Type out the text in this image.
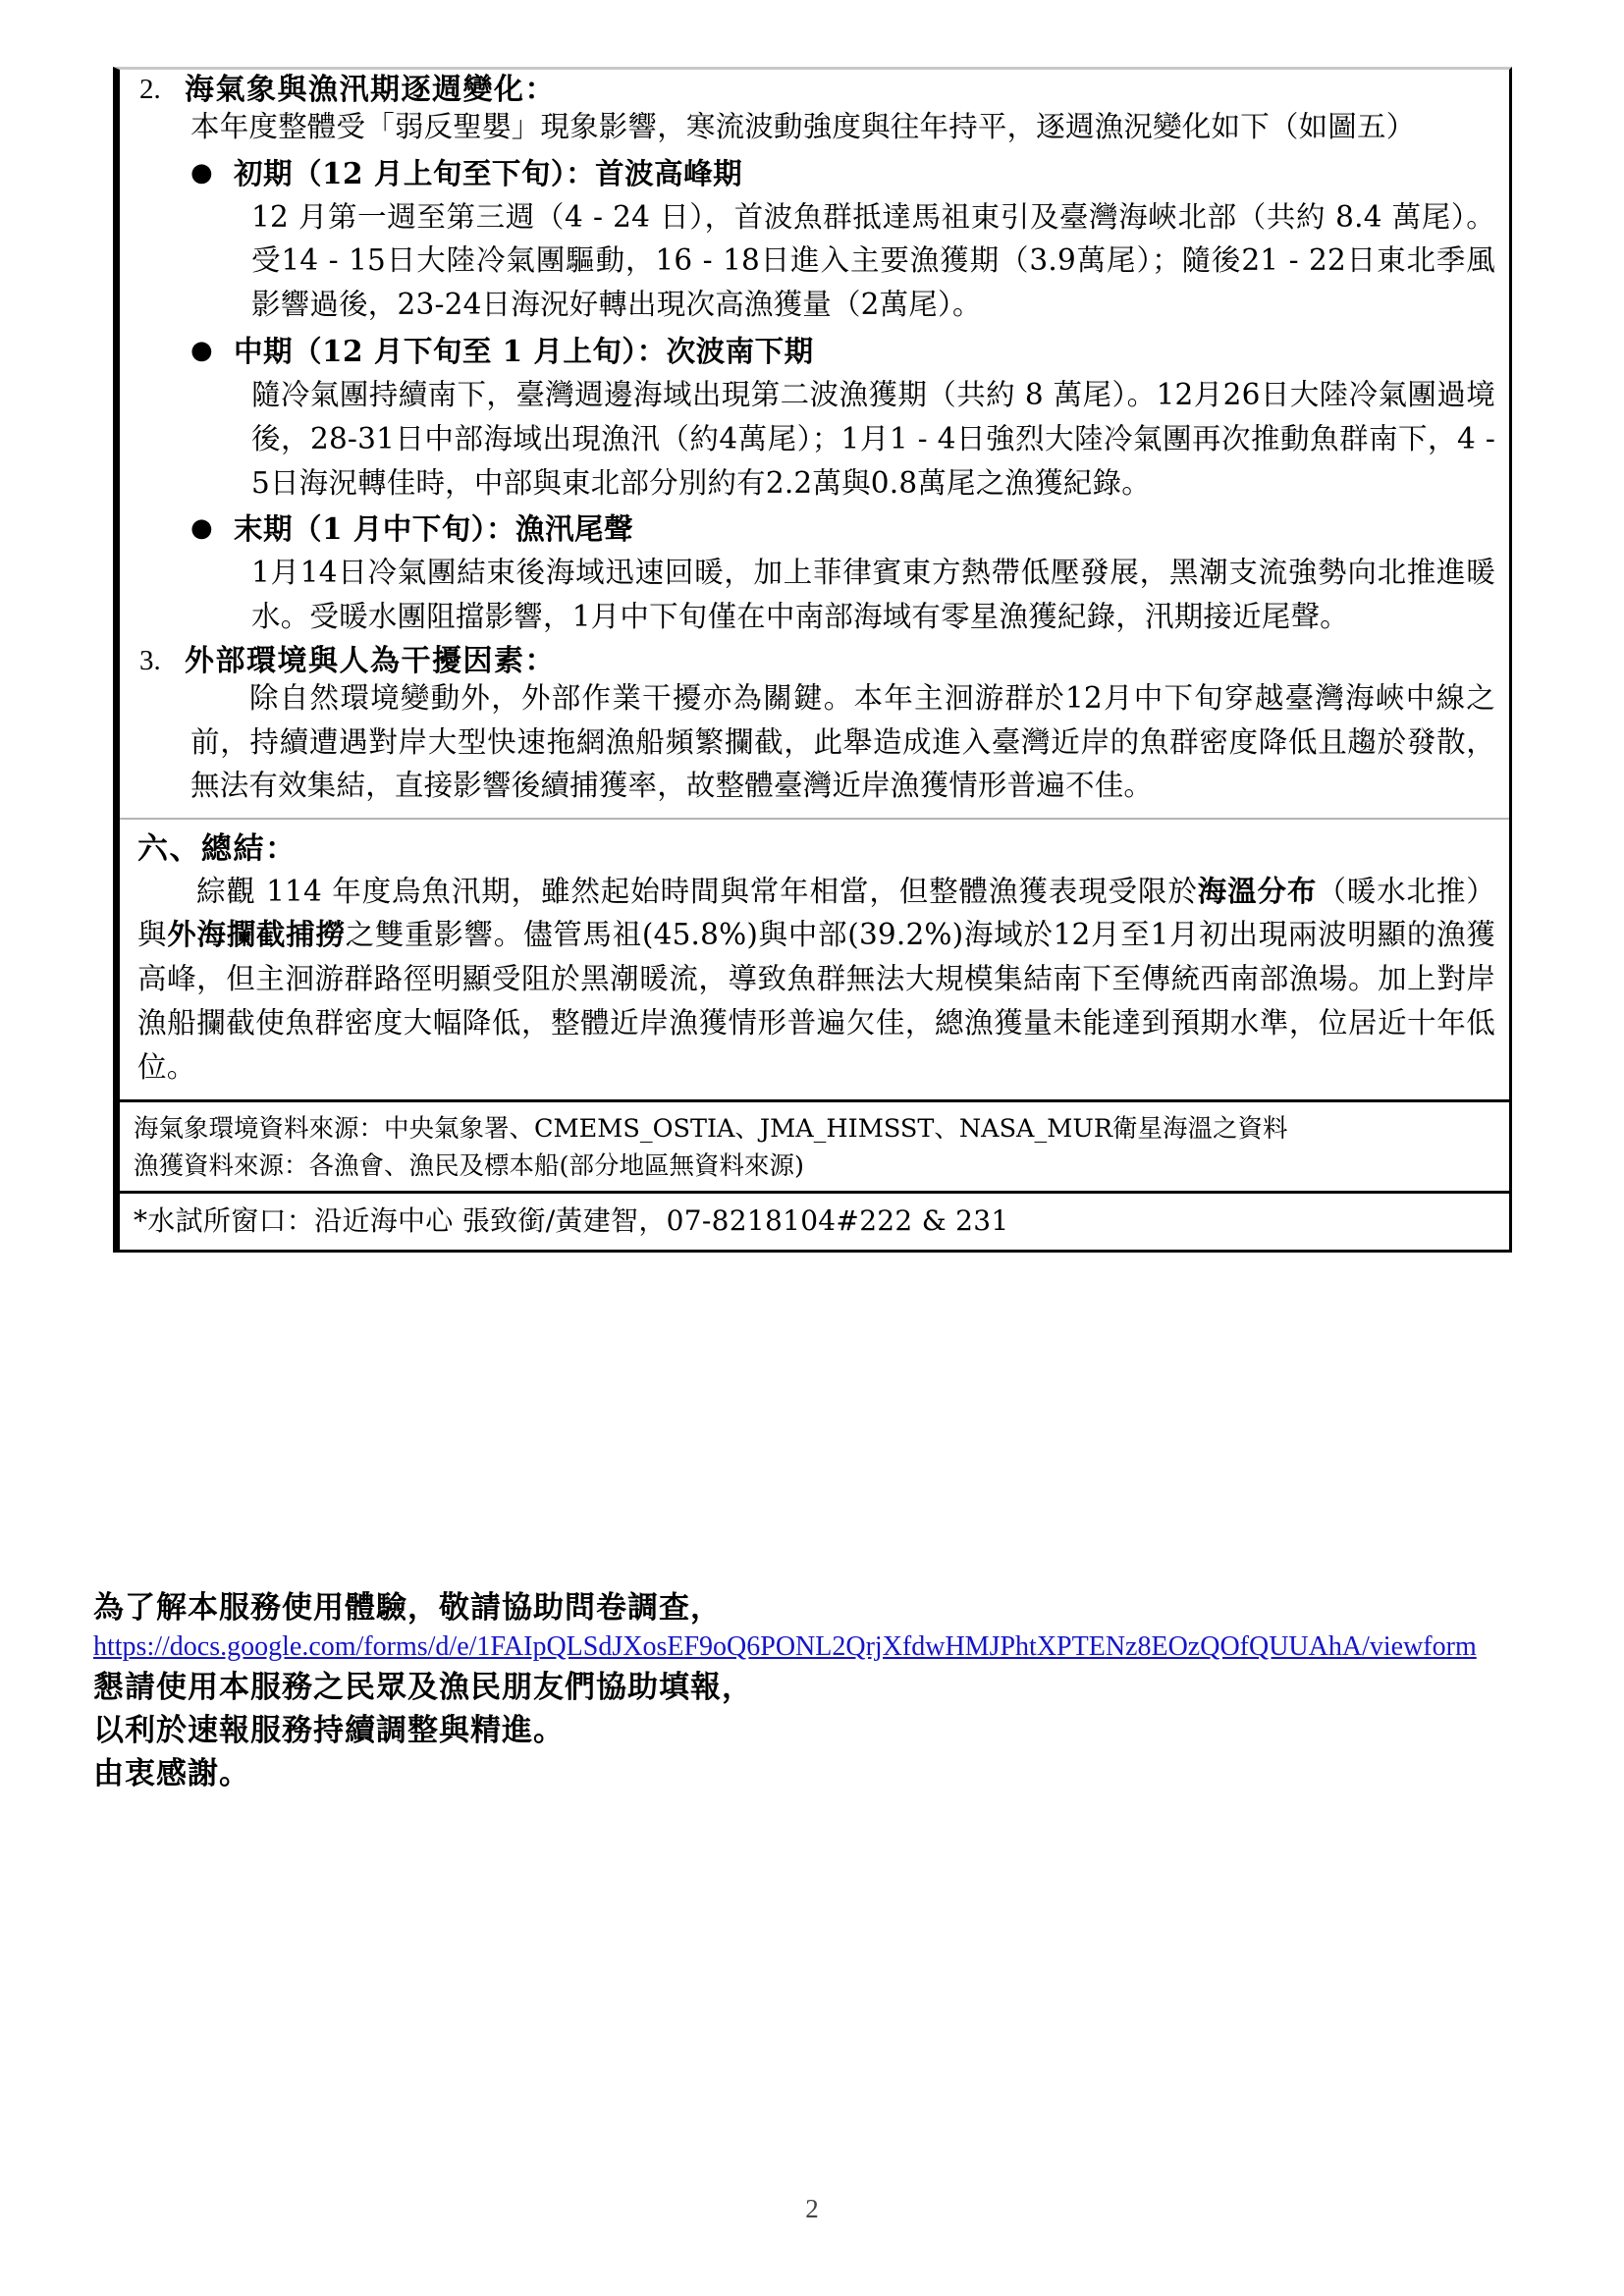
2. 海氣象與漁汛期逐週變化：
本年度整體受「弱反聖嬰」現象影響，寒流波動強度與往年持平，逐週漁況變化如下（如圖五）
● 初期（12 月上旬至下旬）：首波高峰期
12 月第一週至第三週（4 - 24 日），首波魚群抵達馬祖東引及臺灣海峽北部（共約 8.4 萬尾）。受14 - 15日大陸冷氣團驅動，16 - 18日進入主要漁獲期（3.9萬尾）；隨後21 - 22日東北季風影響過後，23-24日海況好轉出現次高漁獲量（2萬尾）。
● 中期（12 月下旬至 1 月上旬）：次波南下期
隨冷氣團持續南下，臺灣週邊海域出現第二波漁獲期（共約 8 萬尾）。12月26日大陸冷氣團過境後，28-31日中部海域出現漁汛（約4萬尾）；1月1 - 4日強烈大陸冷氣團再次推動魚群南下，4 - 5日海況轉佳時，中部與東北部分別約有2.2萬與0.8萬尾之漁獲紀錄。
● 末期（1 月中下旬）：漁汛尾聲
1月14日冷氣團結束後海域迅速回暖，加上菲律賓東方熱帶低壓發展，黑潮支流強勢向北推進暖水。受暖水團阻擋影響，1月中下旬僅在中南部海域有零星漁獲紀錄，汛期接近尾聲。
3. 外部環境與人為干擾因素：
除自然環境變動外，外部作業干擾亦為關鍵。本年主洄游群於12月中下旬穿越臺灣海峽中線之前，持續遭遇對岸大型快速拖網漁船頻繁攔截，此舉造成進入臺灣近岸的魚群密度降低且趨於發散，無法有效集結，直接影響後續捕獲率，故整體臺灣近岸漁獲情形普遍不佳。
六、總結：
綜觀 114 年度烏魚汛期，雖然起始時間與常年相當，但整體漁獲表現受限於海溫分布（暖水北推）與外海攔截捕撈之雙重影響。儘管馬祖(45.8%)與中部(39.2%)海域於12月至1月初出現兩波明顯的漁獲高峰，但主洄游群路徑明顯受阻於黑潮暖流，導致魚群無法大規模集結南下至傳統西南部漁場。加上對岸漁船攔截使魚群密度大幅降低，整體近岸漁獲情形普遍欠佳，總漁獲量未能達到預期水準，位居近十年低位。
海氣象環境資料來源：中央氣象署、CMEMS_OSTIA、JMA_HIMSST、NASA_MUR衛星海溫之資料
漁獲資料來源：各漁會、漁民及標本船(部分地區無資料來源)
*水試所窗口：沿近海中心 張致銜/黃建智，07-8218104#222 & 231
為了解本服務使用體驗，敬請協助問卷調查，
https://docs.google.com/forms/d/e/1FAIpQLSdJXosEF9oQ6PONL2QrjXfdwHMJPhtXPTENz8EOzQOfQUUAhA/viewform
懇請使用本服務之民眾及漁民朋友們協助填報，
以利於速報服務持續調整與精進。
由衷感謝。
2
